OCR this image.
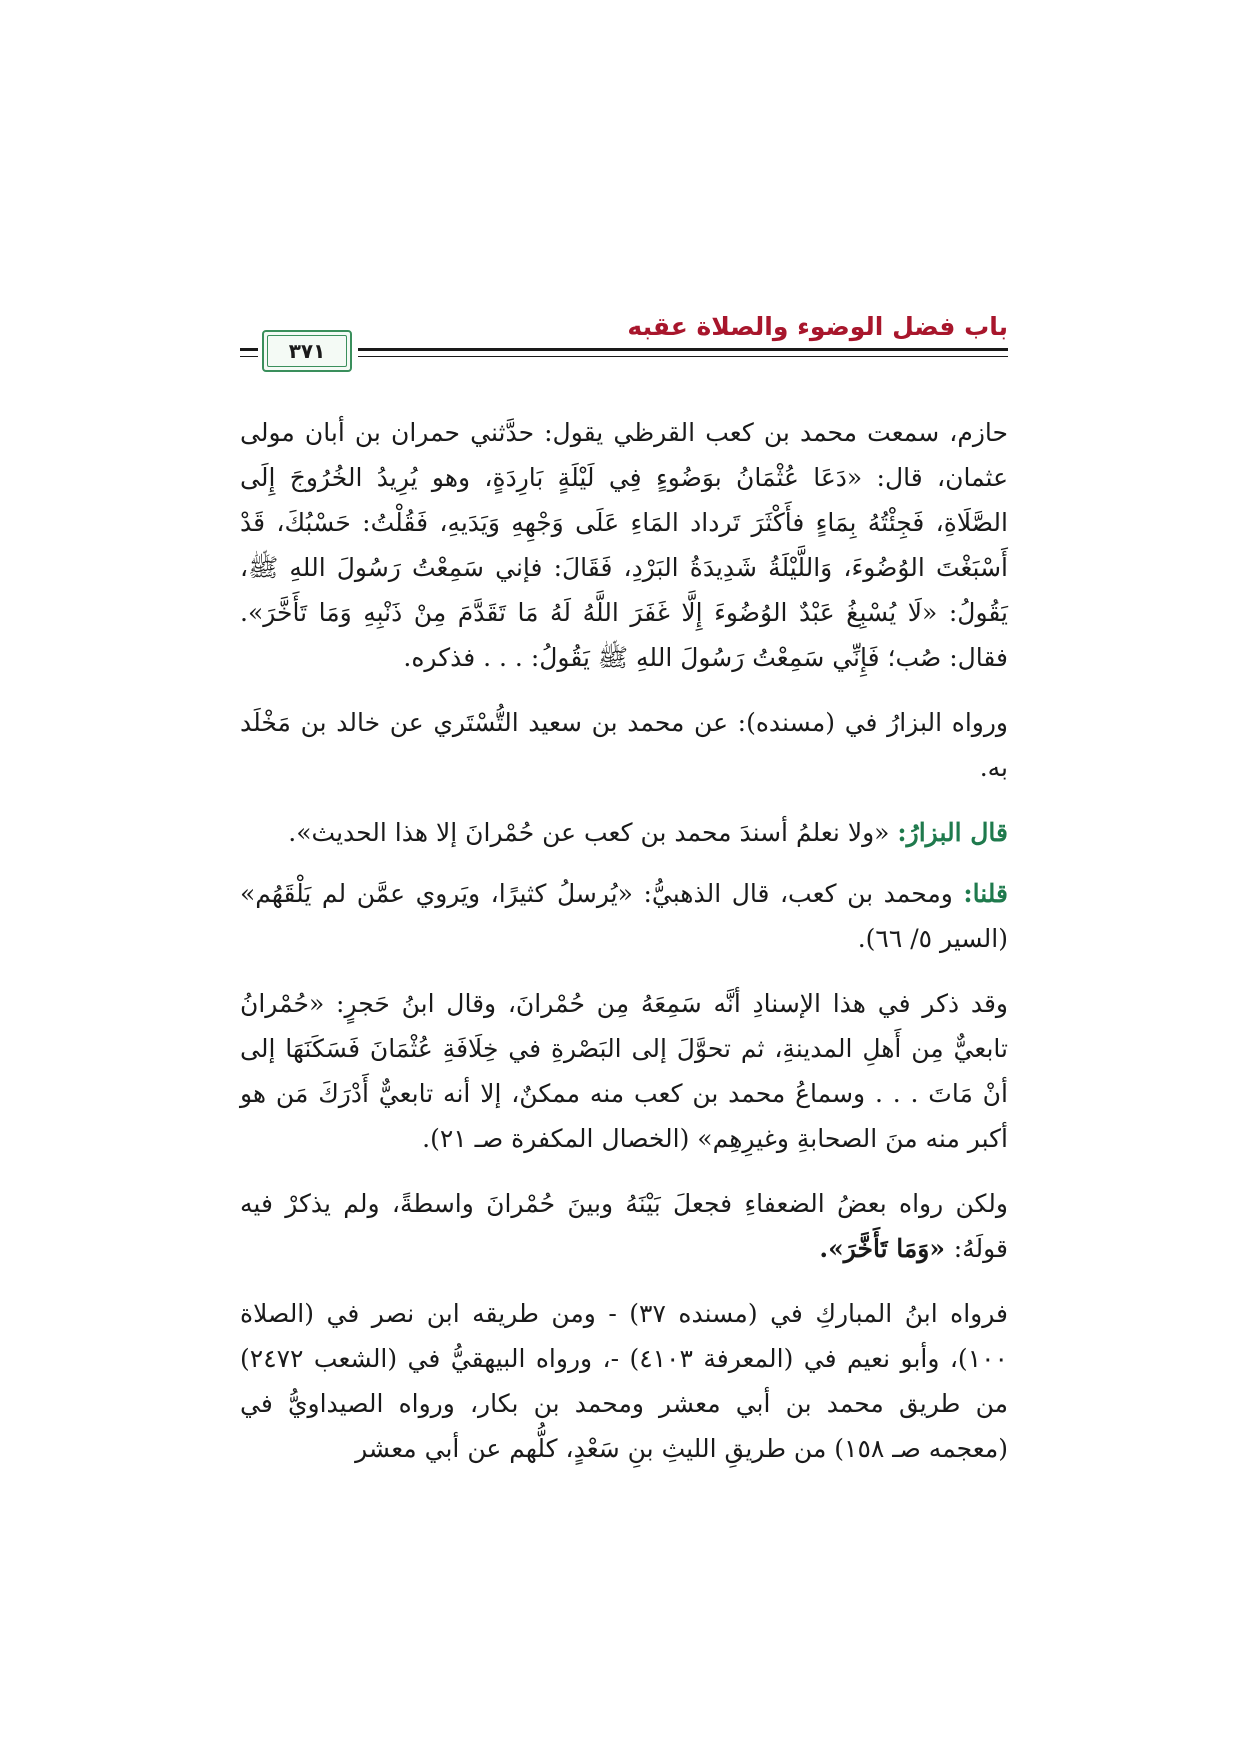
باب فضل الوضوء والصلاة عقبه
٣٧١

حازم، سمعت محمد بن كعب القرظي يقول: حدَّثني حمران بن أبان مولى عثمان، قال: «دَعَا عُثْمَانُ بوَضُوءٍ فِي لَيْلَةٍ بَارِدَةٍ، وهو يُرِيدُ الخُرُوجَ إِلَى الصَّلَاةِ، فَجِئْتُهُ بِمَاءٍ فأَكْثَرَ تَرداد المَاءِ عَلَى وَجْهِهِ وَيَدَيهِ، فَقُلْتُ: حَسْبُكَ، قَدْ أَسْبَغْتَ الوُضُوءَ، وَاللَّيْلَةُ شَدِيدَةُ البَرْدِ، فَقَالَ: فإني سَمِعْتُ رَسُولَ اللهِ ﷺ، يَقُولُ: «لَا يُسْبِغُ عَبْدٌ الوُضُوءَ إِلَّا غَفَرَ اللَّهُ لَهُ مَا تَقَدَّمَ مِنْ ذَنْبِهِ وَمَا تَأَخَّرَ». فقال: صُب؛ فَإِنِّي سَمِعْتُ رَسُولَ اللهِ ﷺ يَقُولُ: . . . فذكره.

ورواه البزارُ في (مسنده): عن محمد بن سعيد التُّسْتَري عن خالد بن مَخْلَد به.

قال البزارُ: «ولا نعلمُ أسندَ محمد بن كعب عن حُمْرانَ إلا هذا الحديث».

قلنا: ومحمد بن كعب، قال الذهبيُّ: «يُرسلُ كثيرًا، ويَروي عمَّن لم يَلْقَهُم» (السير ٥/ ٦٦).

وقد ذكر في هذا الإسنادِ أنَّه سَمِعَهُ مِن حُمْرانَ، وقال ابنُ حَجرٍ: «حُمْرانُ تابعيٌّ مِن أَهلِ المدينةِ، ثم تحوَّلَ إلى البَصْرةِ في خِلَافَةِ عُثْمَانَ فَسَكَنَهَا إلى أنْ مَاتَ . . . وسماعُ محمد بن كعب منه ممكنٌ، إلا أنه تابعيٌّ أَدْرَكَ مَن هو أكبر منه منَ الصحابةِ وغيرِهِم» (الخصال المكفرة صـ ٢١).

ولكن رواه بعضُ الضعفاءِ فجعلَ بَيْنَهُ وبينَ حُمْرانَ واسطةً، ولم يذكرْ فيه قولَهُ: «وَمَا تَأَخَّرَ».

فرواه ابنُ المباركِ في (مسنده ٣٧) - ومن طريقه ابن نصر في (الصلاة ١٠٠)، وأبو نعيم في (المعرفة ٤١٠٣) -، ورواه البيهقيُّ في (الشعب ٢٤٧٢) من طريق محمد بن أبي معشر ومحمد بن بكار، ورواه الصيداويُّ في (معجمه صـ ١٥٨) من طريقِ الليثِ بنِ سَعْدٍ، كلُّهم عن أبي معشر
